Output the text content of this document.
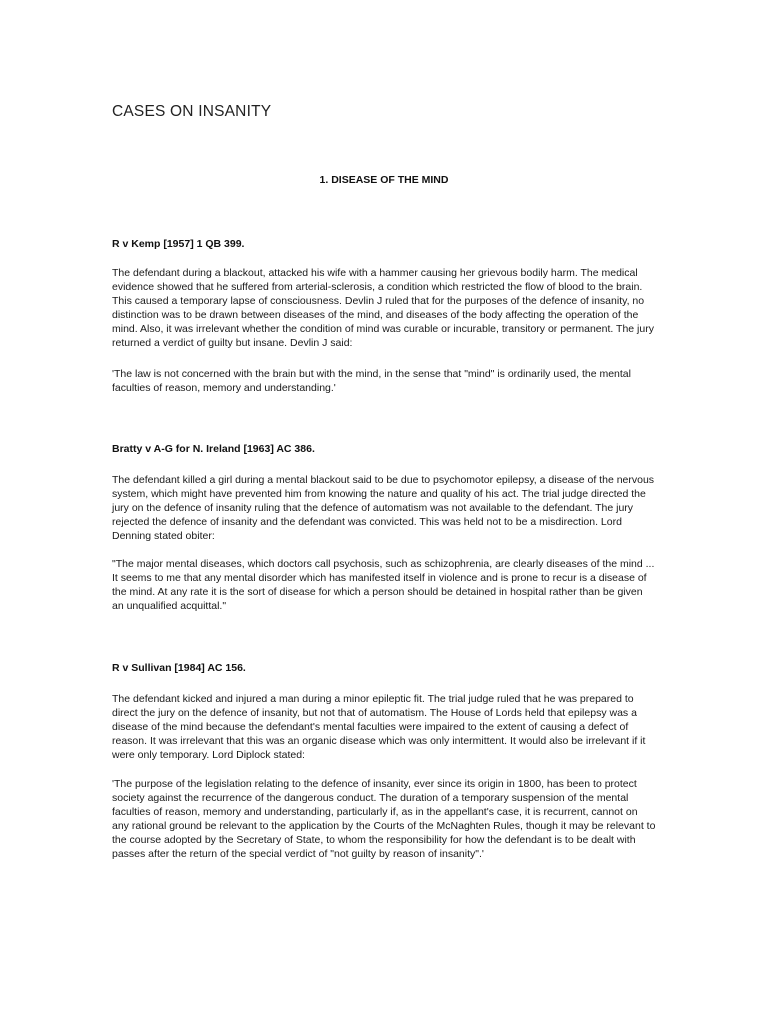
CASES ON INSANITY
1. DISEASE OF THE MIND
R v Kemp [1957] 1 QB 399.

The defendant during a blackout, attacked his wife with a hammer causing her grievous bodily harm. The medical evidence showed that he suffered from arterial-sclerosis, a condition which restricted the flow of blood to the brain. This caused a temporary lapse of consciousness. Devlin J ruled that for the purposes of the defence of insanity, no distinction was to be drawn between diseases of the mind, and diseases of the body affecting the operation of the mind. Also, it was irrelevant whether the condition of mind was curable or incurable, transitory or permanent. The jury returned a verdict of guilty but insane. Devlin J said:

'The law is not concerned with the brain but with the mind, in the sense that "mind" is ordinarily used, the mental faculties of reason, memory and understanding.'

Bratty v A-G for N. Ireland [1963] AC 386.

The defendant killed a girl during a mental blackout said to be due to psychomotor epilepsy, a disease of the nervous system, which might have prevented him from knowing the nature and quality of his act. The trial judge directed the jury on the defence of insanity ruling that the defence of automatism was not available to the defendant. The jury rejected the defence of insanity and the defendant was convicted. This was held not to be a misdirection. Lord Denning stated obiter:

"The major mental diseases, which doctors call psychosis, such as schizophrenia, are clearly diseases of the mind ... It seems to me that any mental disorder which has manifested itself in violence and is prone to recur is a disease of the mind. At any rate it is the sort of disease for which a person should be detained in hospital rather than be given an unqualified acquittal."

R v Sullivan [1984] AC 156.

The defendant kicked and injured a man during a minor epileptic fit. The trial judge ruled that he was prepared to direct the jury on the defence of insanity, but not that of automatism. The House of Lords held that epilepsy was a disease of the mind because the defendant's mental faculties were impaired to the extent of causing a defect of reason. It was irrelevant that this was an organic disease which was only intermittent. It would also be irrelevant if it were only temporary. Lord Diplock stated:

'The purpose of the legislation relating to the defence of insanity, ever since its origin in 1800, has been to protect society against the recurrence of the dangerous conduct. The duration of a temporary suspension of the mental faculties of reason, memory and understanding, particularly if, as in the appellant's case, it is recurrent, cannot on any rational ground be relevant to the application by the Courts of the McNaghten Rules, though it may be relevant to the course adopted by the Secretary of State, to whom the responsibility for how the defendant is to be dealt with passes after the return of the special verdict of "not guilty by reason of insanity".'
